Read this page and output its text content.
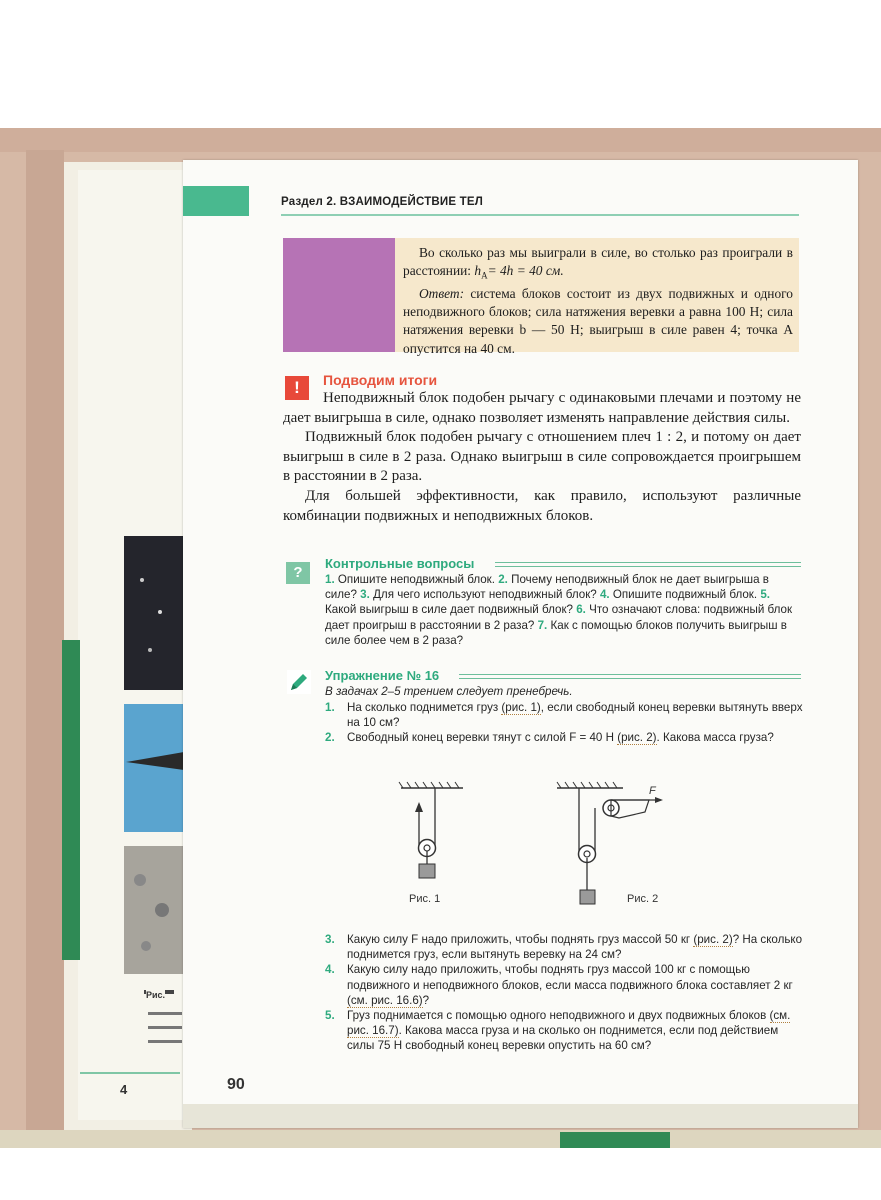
4
Рис.
Раздел 2. ВЗАИМОДЕЙСТВИЕ ТЕЛ

Во сколько раз мы выиграли в силе, во столько раз проиграли в расстоянии: $h_A= 4h = 40$ см.

Ответ: система блоков состоит из двух подвижных и одного неподвижного блоков; сила натяжения веревки a равна 100 Н; сила натяжения веревки b — 50 Н; выигрыш в силе равен 4; точка A опустится на 40 см.

!	Подводим итоги

Неподвижный блок подобен рычагу с одинаковыми плечами и поэтому не дает выигрыша в силе, однако позволяет изменять направление действия силы.

Подвижный блок подобен рычагу с отношением плеч 1 : 2, и потому он дает выигрыш в силе в 2 раза. Однако выигрыш в силе сопровождается проигрышем в расстоянии в 2 раза.

Для большей эффективности, как правило, используют различные комбинации подвижных и неподвижных блоков.

?
Контрольные вопросы
1. Опишите неподвижный блок. 2. Почему неподвижный блок не дает выигрыша в силе? 3. Для чего используют неподвижный блок? 4. Опишите подвижный блок. 5. Какой выигрыш в силе дает подвижный блок? 6. Что означают слова: подвижный блок дает проигрыш в расстоянии в 2 раза? 7. Как с помощью блоков получить выигрыш в силе более чем в 2 раза?
Упражнение № 16
В задачах 2–5 трением следует пренебречь.
1.	На сколько поднимется груз (рис. 1), если свободный конец веревки вытянуть вверх на 10 см?
2.	Свободный конец веревки тянут с силой F = 40 Н (рис. 2). Какова масса груза?
Рис. 1
F
Рис. 2
3.	Какую силу F надо приложить, чтобы поднять груз массой 50 кг (рис. 2)? На сколько поднимется груз, если вытянуть веревку на 24 см?
4.	Какую силу надо приложить, чтобы поднять груз массой 100 кг с помощью подвижного и неподвижного блоков, если масса подвижного блока составляет 2 кг (см. рис. 16.6)?
5.	Груз поднимается с помощью одного неподвижного и двух подвижных блоков (см. рис. 16.7). Какова масса груза и на сколько он поднимется, если под действием силы 75 Н свободный конец веревки опустить на 60 см?
90
